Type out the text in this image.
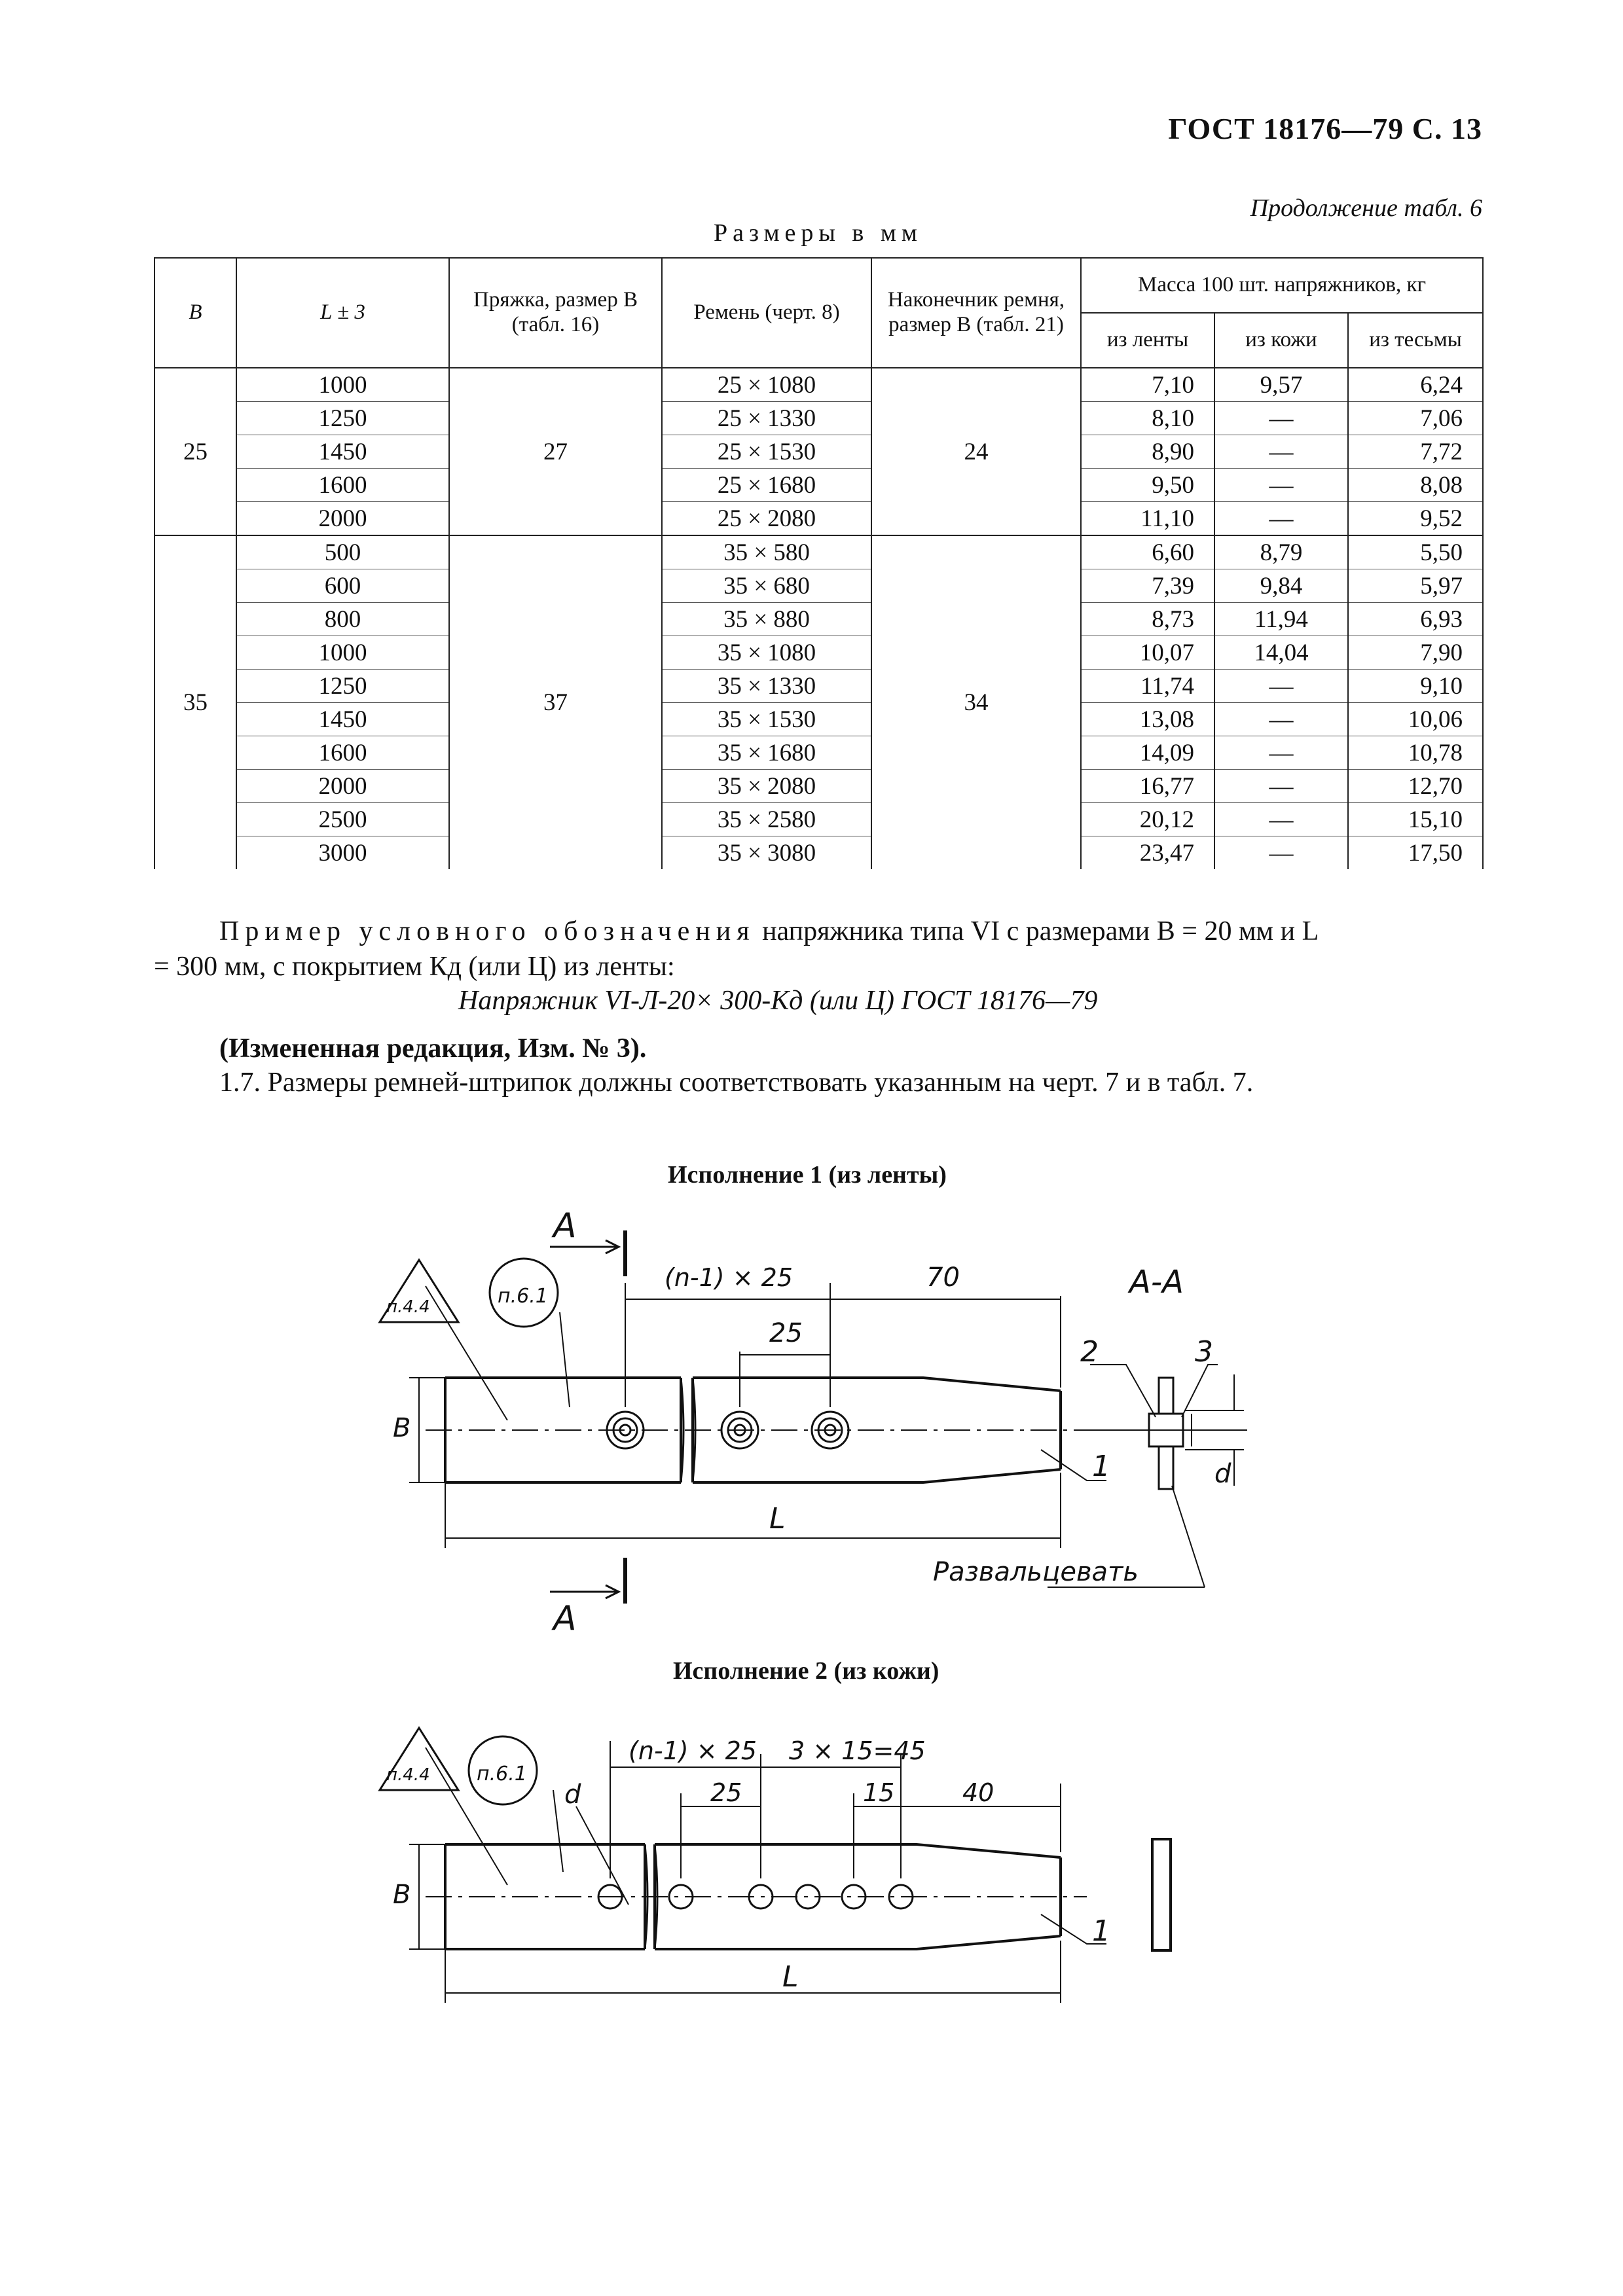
ГОСТ 18176—79 С. 13
Продолжение табл. 6
Размеры в мм
B	L ± 3	Пряжка, размер B (табл. 16)	Ремень (черт. 8)	Наконечник ремня, размер B (табл. 21)	Масса 100 шт. напряжников, кг		
					из ленты	из кожи	из тесьмы
25	1000	27	25 × 1080	24	7,10	9,57	6,24
	1250		25 × 1330		8,10	—	7,06
	1450		25 × 1530		8,90	—	7,72
	1600		25 × 1680		9,50	—	8,08
	2000		25 × 2080		11,10	—	9,52
35	500	37	35 × 580	34	6,60	8,79	5,50
	600		35 × 680		7,39	9,84	5,97
	800		35 × 880		8,73	11,94	6,93
	1000		35 × 1080		10,07	14,04	7,90
	1250		35 × 1330		11,74	—	9,10
	1450		35 × 1530		13,08	—	10,06
	1600		35 × 1680		14,09	—	10,78
	2000		35 × 2080		16,77	—	12,70
	2500		35 × 2580		20,12	—	15,10
	3000		35 × 3080		23,47	—	17,50
Пример условного обозначения напряжника типа VI с размерами B = 20 мм и L
= 300 мм, с покрытием Кд (или Ц) из ленты:
Напряжник VI-Л-20× 300-Кд (или Ц) ГОСТ 18176—79
(Измененная редакция, Изм. № 3).
1.7. Размеры ремней-штрипок должны соответствовать указанным на черт. 7 и в табл. 7.
Исполнение 1 (из ленты)
Исполнение 2 (из кожи)
A
A
A-A
(n-1) × 25	70
25
B
L
1
2	3
d
п.4.4	п.6.1
Развальцевать
(n-1) × 25 3 × 15=45
25	15	40
B
L
d
1
п.4.4 п.6.1
